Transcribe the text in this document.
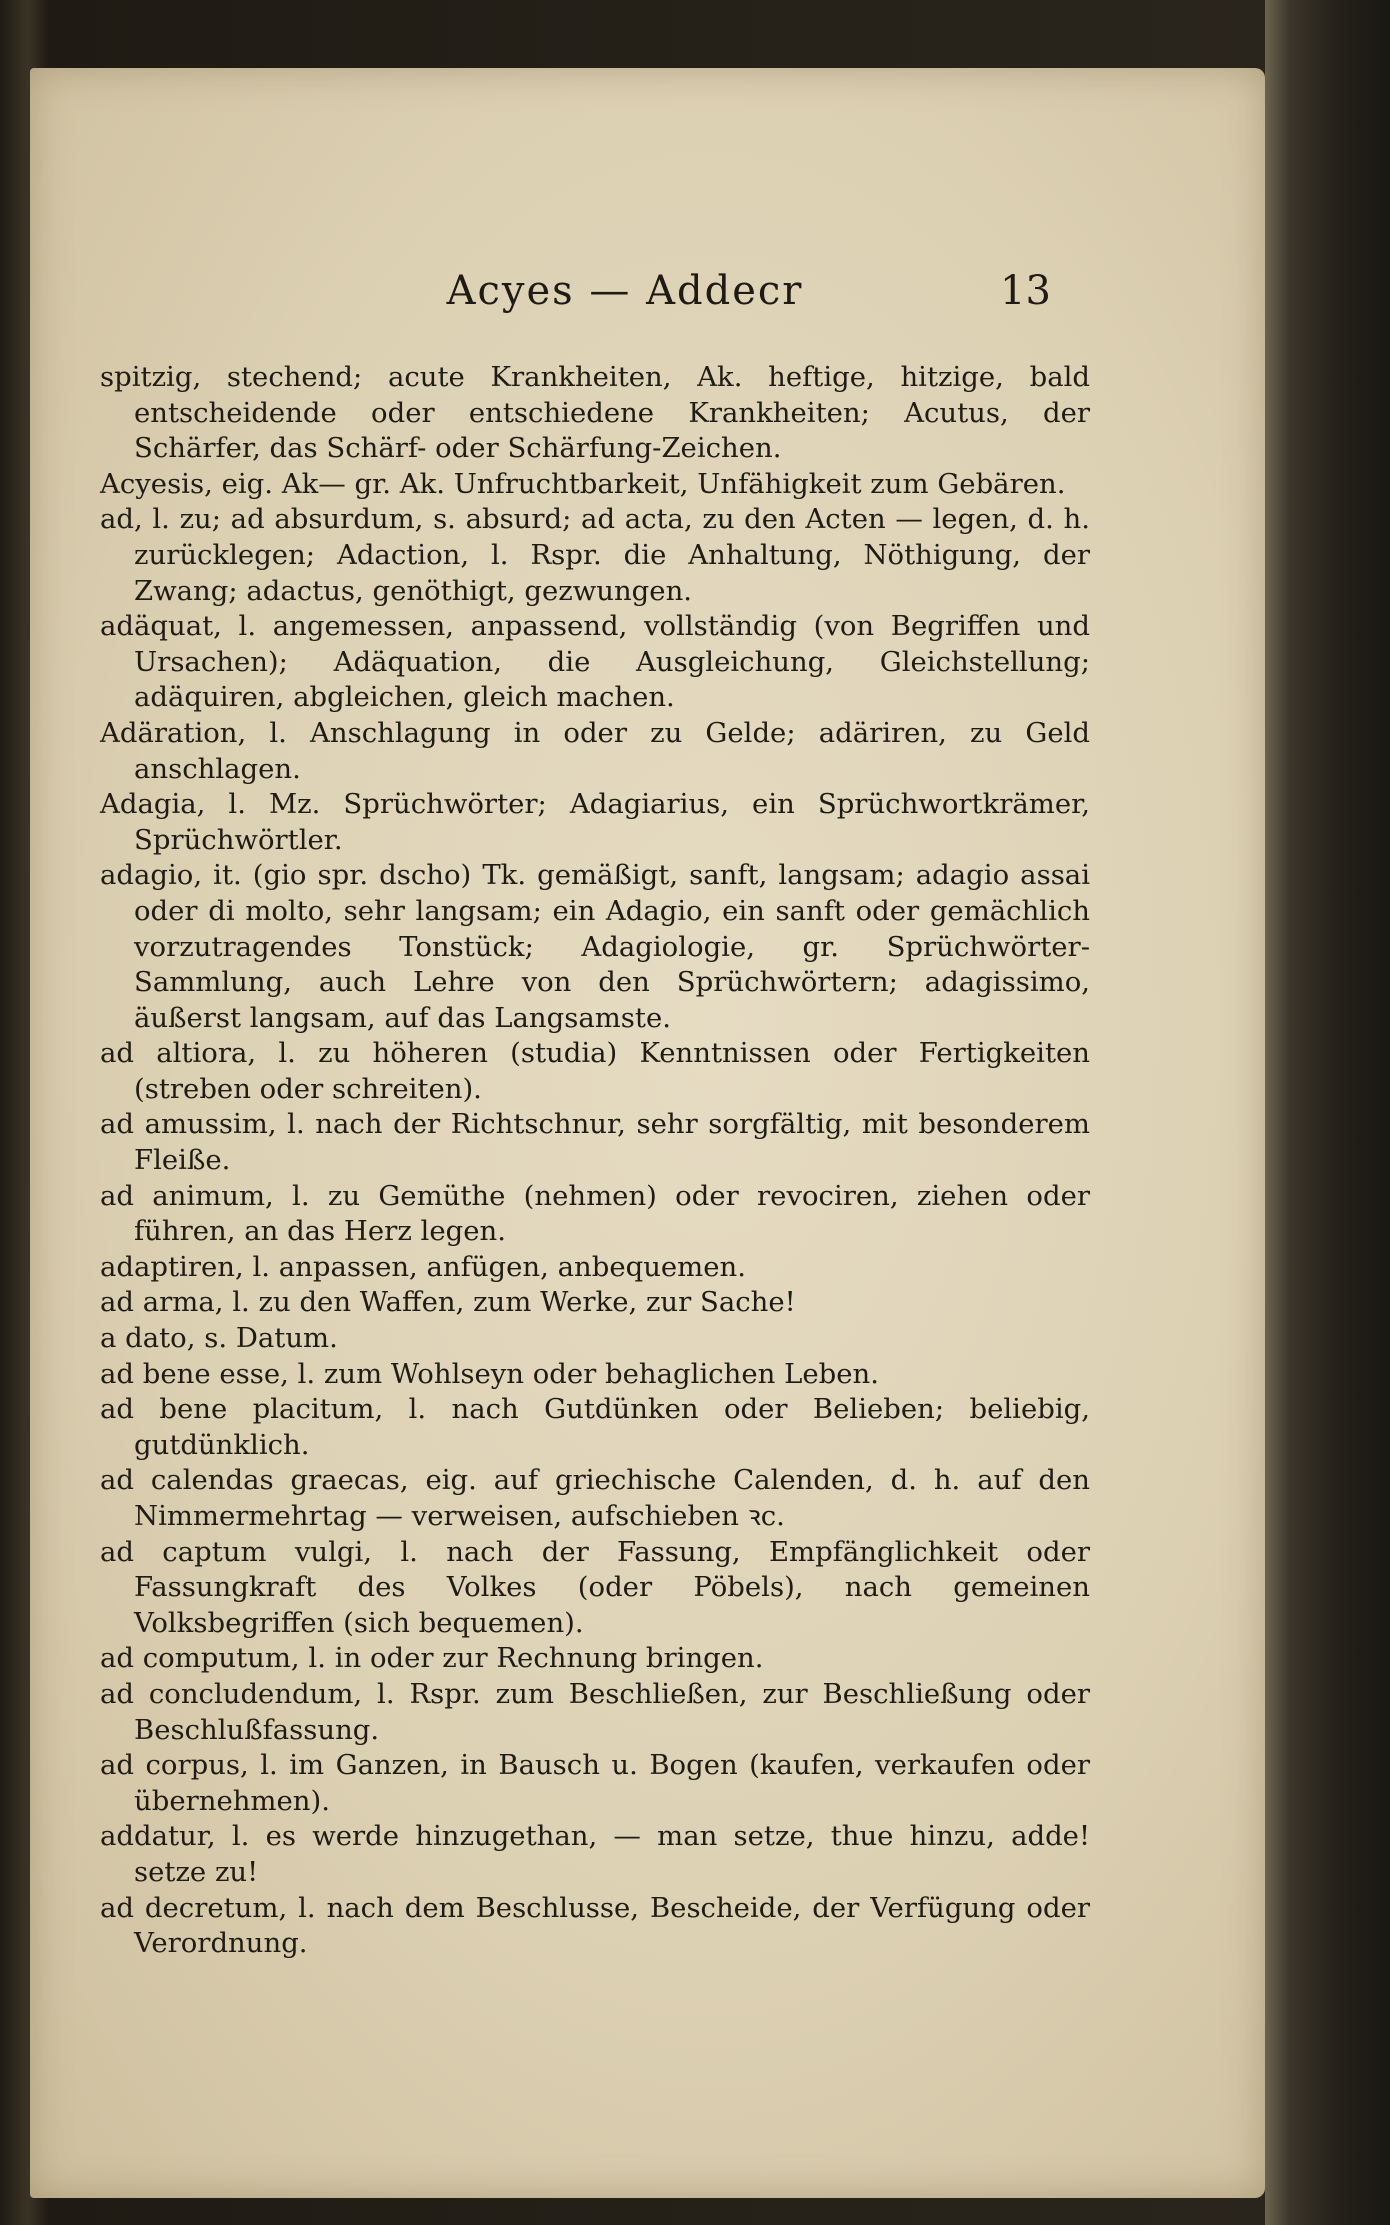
Acyes — Addecr	13

spitzig, stechend; acute Krankheiten, Ak. heftige, hitzige, bald entscheidende oder entschiedene Krankheiten; Acutus, der Schärfer, das Schärf- oder Schärfung-Zeichen.

Acyesis, eig. Ak— gr. Ak. Unfruchtbarkeit, Unfähigkeit zum Gebären.

ad, l. zu; ad absurdum, s. absurd; ad acta, zu den Acten — legen, d. h. zurücklegen; Adaction, l. Rspr. die Anhaltung, Nöthigung, der Zwang; adactus, genöthigt, gezwungen.

adäquat, l. angemessen, anpassend, vollständig (von Begriffen und Ursachen); Adäquation, die Ausgleichung, Gleichstellung; adäquiren, abgleichen, gleich machen.

Adäration, l. Anschlagung in oder zu Gelde; adäriren, zu Geld anschlagen.

Adagia, l. Mz. Sprüchwörter; Adagiarius, ein Sprüchwortkrämer, Sprüchwörtler.

adagio, it. (gio spr. dscho) Tk. gemäßigt, sanft, langsam; adagio assai oder di molto, sehr langsam; ein Adagio, ein sanft oder gemächlich vorzutragendes Tonstück; Adagiologie, gr. Sprüchwörter-Sammlung, auch Lehre von den Sprüchwörtern; adagissimo, äußerst langsam, auf das Langsamste.

ad altiora, l. zu höheren (studia) Kenntnissen oder Fertigkeiten (streben oder schreiten).

ad amussim, l. nach der Richtschnur, sehr sorgfältig, mit besonderem Fleiße.

ad animum, l. zu Gemüthe (nehmen) oder revociren, ziehen oder führen, an das Herz legen.

adaptiren, l. anpassen, anfügen, anbequemen.

ad arma, l. zu den Waffen, zum Werke, zur Sache!

a dato, s. Datum.

ad bene esse, l. zum Wohlseyn oder behaglichen Leben.

ad bene placitum, l. nach Gutdünken oder Belieben; beliebig, gutdünklich.

ad calendas graecas, eig. auf griechische Calenden, d. h. auf den Nimmermehrtag — verweisen, aufschieben ꝛc.

ad captum vulgi, l. nach der Fassung, Empfänglichkeit oder Fassungkraft des Volkes (oder Pöbels), nach gemeinen Volksbegriffen (sich bequemen).

ad computum, l. in oder zur Rechnung bringen.

ad concludendum, l. Rspr. zum Beschließen, zur Beschließung oder Beschlußfassung.

ad corpus, l. im Ganzen, in Bausch u. Bogen (kaufen, verkaufen oder übernehmen).

addatur, l. es werde hinzugethan, — man setze, thue hinzu, adde! setze zu!

ad decretum, l. nach dem Beschlusse, Bescheide, der Verfügung oder Verordnung.
